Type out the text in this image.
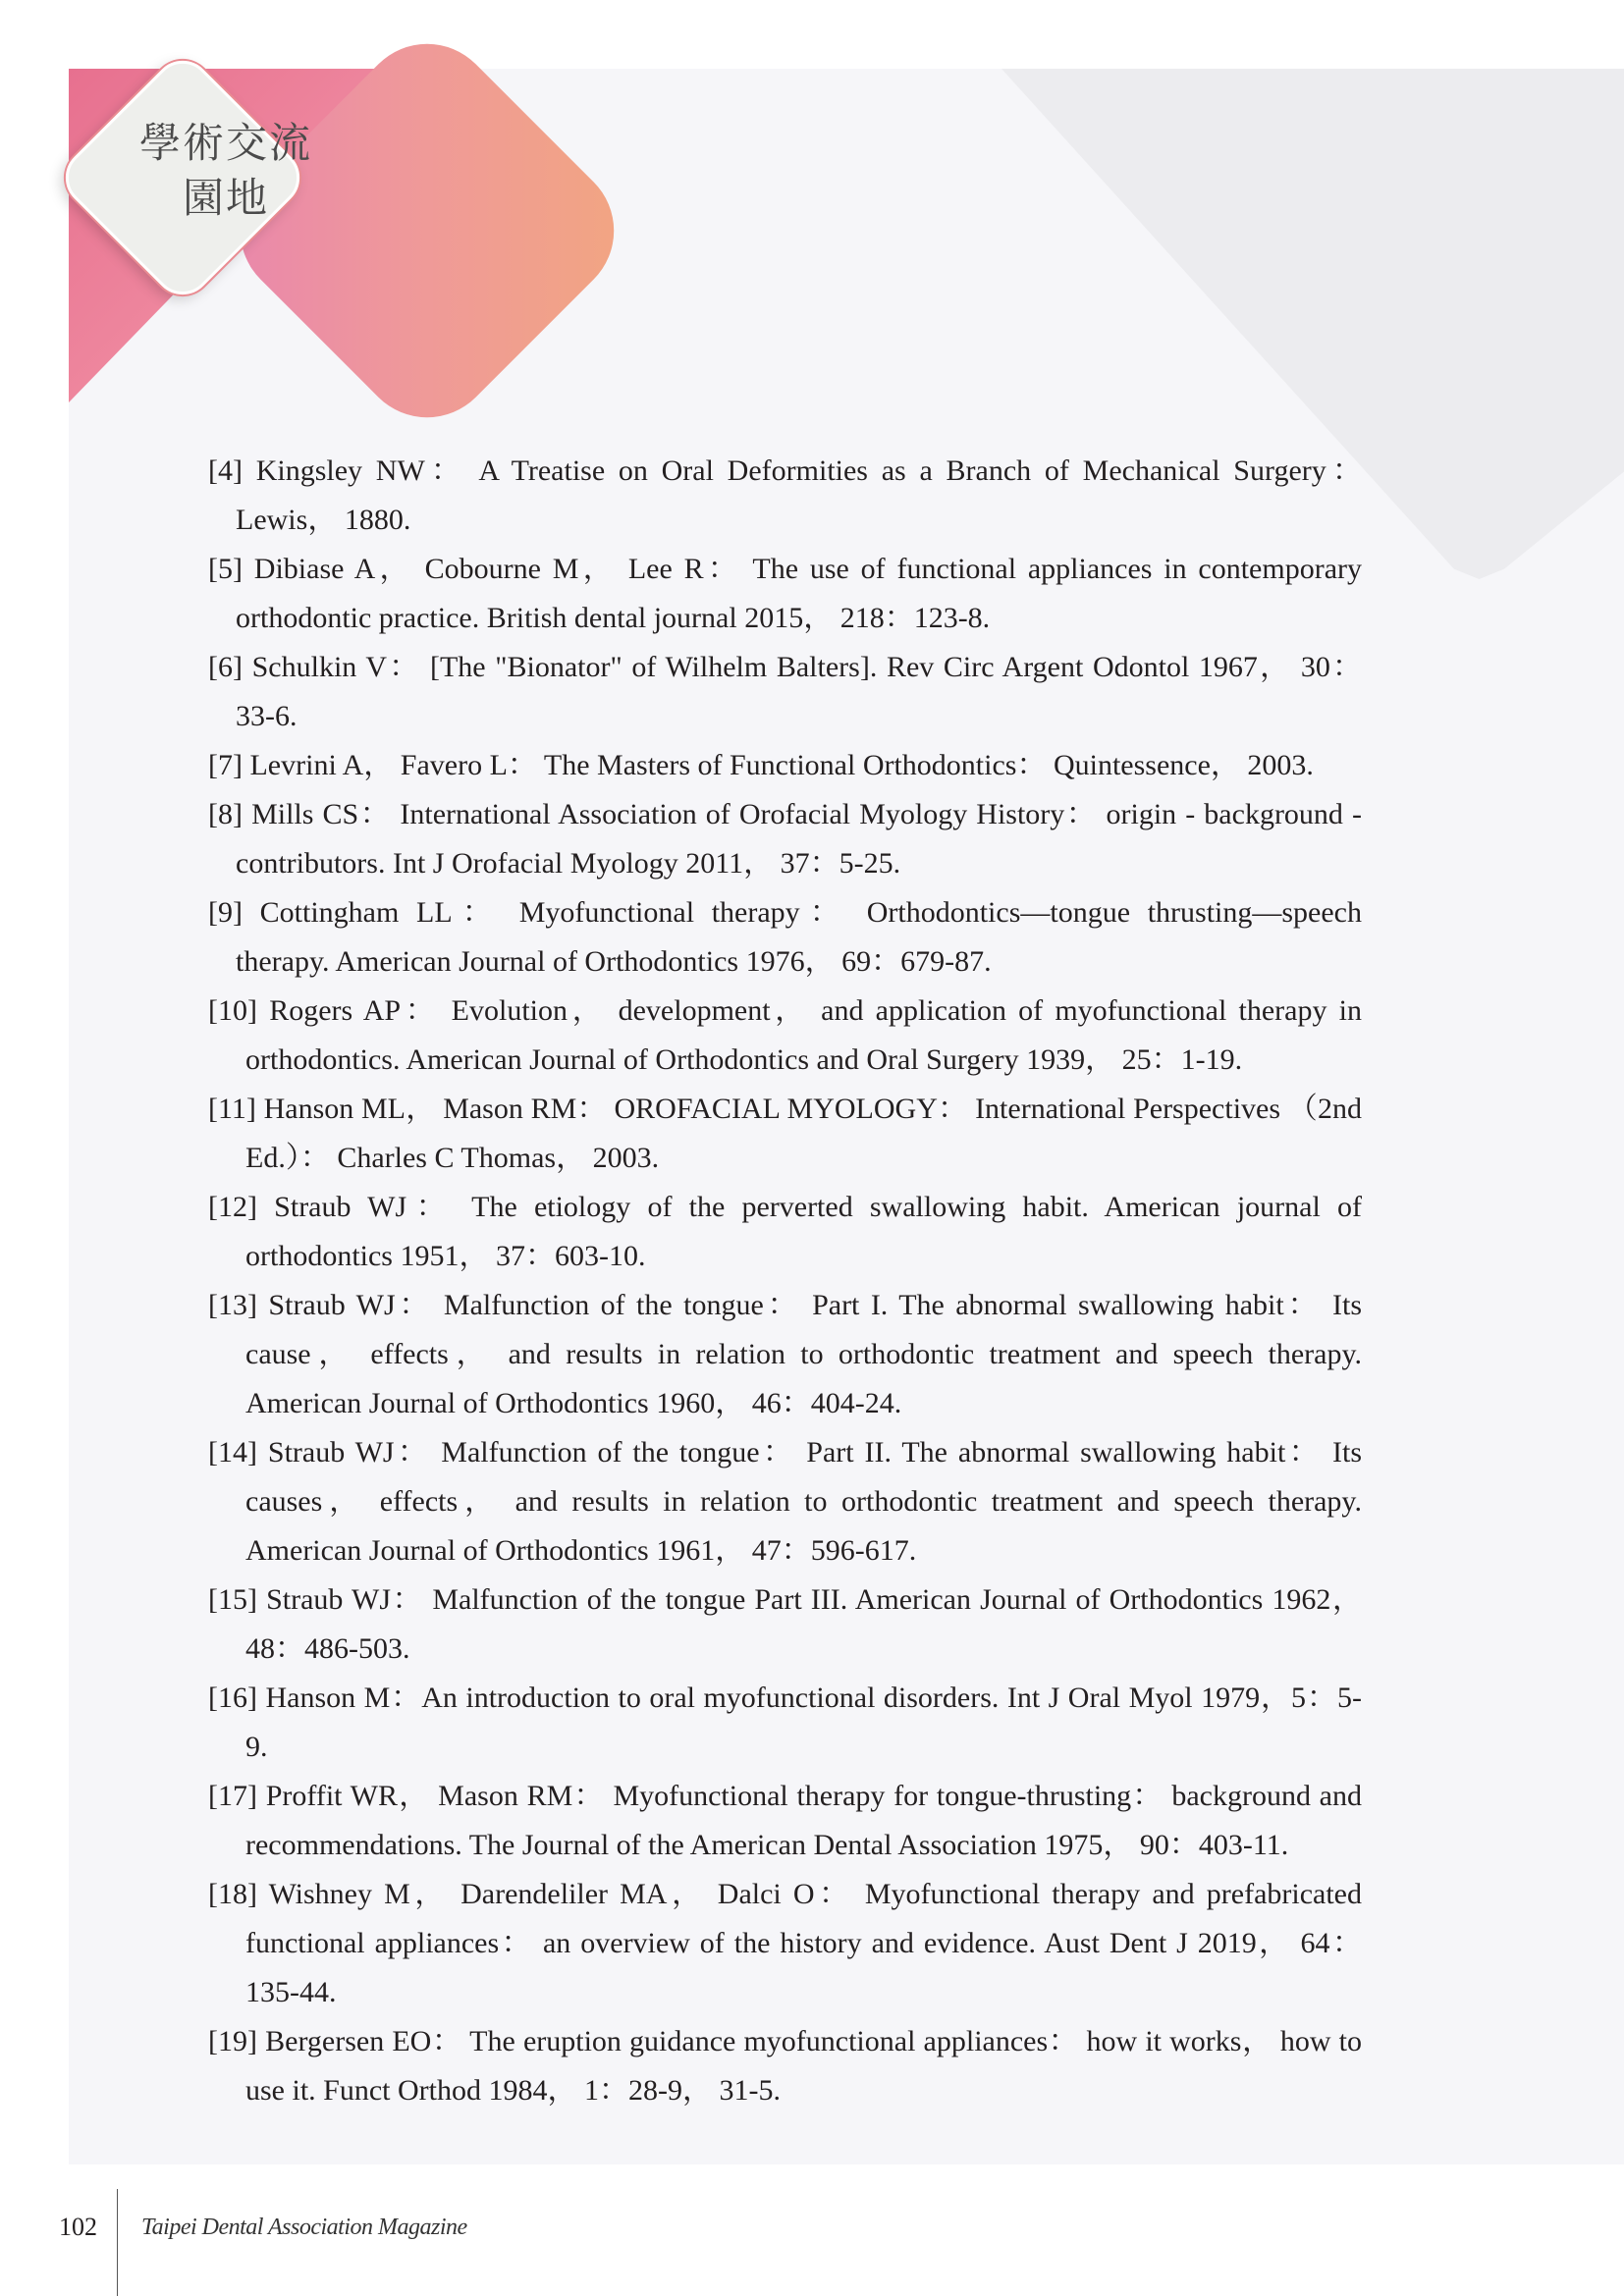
學術交流
園地
[4] Kingsley NW： A Treatise on Oral Deformities as a Branch of Mechanical Surgery： Lewis， 1880.
[5] Dibiase A， Cobourne M， Lee R： The use of functional appliances in contemporary orthodontic practice. British dental journal 2015， 218：123-8.
[6] Schulkin V： [The "Bionator" of Wilhelm Balters]. Rev Circ Argent Odontol 1967， 30：33-6.
[7] Levrini A， Favero L： The Masters of Functional Orthodontics： Quintessence， 2003.
[8] Mills CS： International Association of Orofacial Myology History： origin - background - contributors. Int J Orofacial Myology 2011， 37：5-25.
[9] Cottingham LL： Myofunctional therapy： Orthodontics—tongue thrusting—speech therapy. American Journal of Orthodontics 1976， 69：679-87.
[10] Rogers AP： Evolution， development， and application of myofunctional therapy in orthodontics. American Journal of Orthodontics and Oral Surgery 1939， 25：1-19.
[11] Hanson ML， Mason RM： OROFACIAL MYOLOGY： International Perspectives （2nd Ed.）： Charles C Thomas， 2003.
[12] Straub WJ： The etiology of the perverted swallowing habit. American journal of orthodontics 1951， 37：603-10.
[13] Straub WJ： Malfunction of the tongue： Part I. The abnormal swallowing habit： Its cause， effects， and results in relation to orthodontic treatment and speech therapy. American Journal of Orthodontics 1960， 46：404-24.
[14] Straub WJ： Malfunction of the tongue： Part II. The abnormal swallowing habit： Its causes， effects， and results in relation to orthodontic treatment and speech therapy. American Journal of Orthodontics 1961， 47：596-617.
[15] Straub WJ： Malfunction of the tongue Part III. American Journal of Orthodontics 1962， 48：486-503.
[16] Hanson M：An introduction to oral myofunctional disorders. Int J Oral Myol 1979，5：5-9.
[17] Proffit WR， Mason RM： Myofunctional therapy for tongue-thrusting： background and recommendations. The Journal of the American Dental Association 1975， 90：403-11.
[18] Wishney M， Darendeliler MA， Dalci O： Myofunctional therapy and prefabricated functional appliances： an overview of the history and evidence. Aust Dent J 2019， 64：135-44.
[19] Bergersen EO： The eruption guidance myofunctional appliances： how it works， how to use it. Funct Orthod 1984， 1：28-9， 31-5.
102 Taipei Dental Association Magazine
